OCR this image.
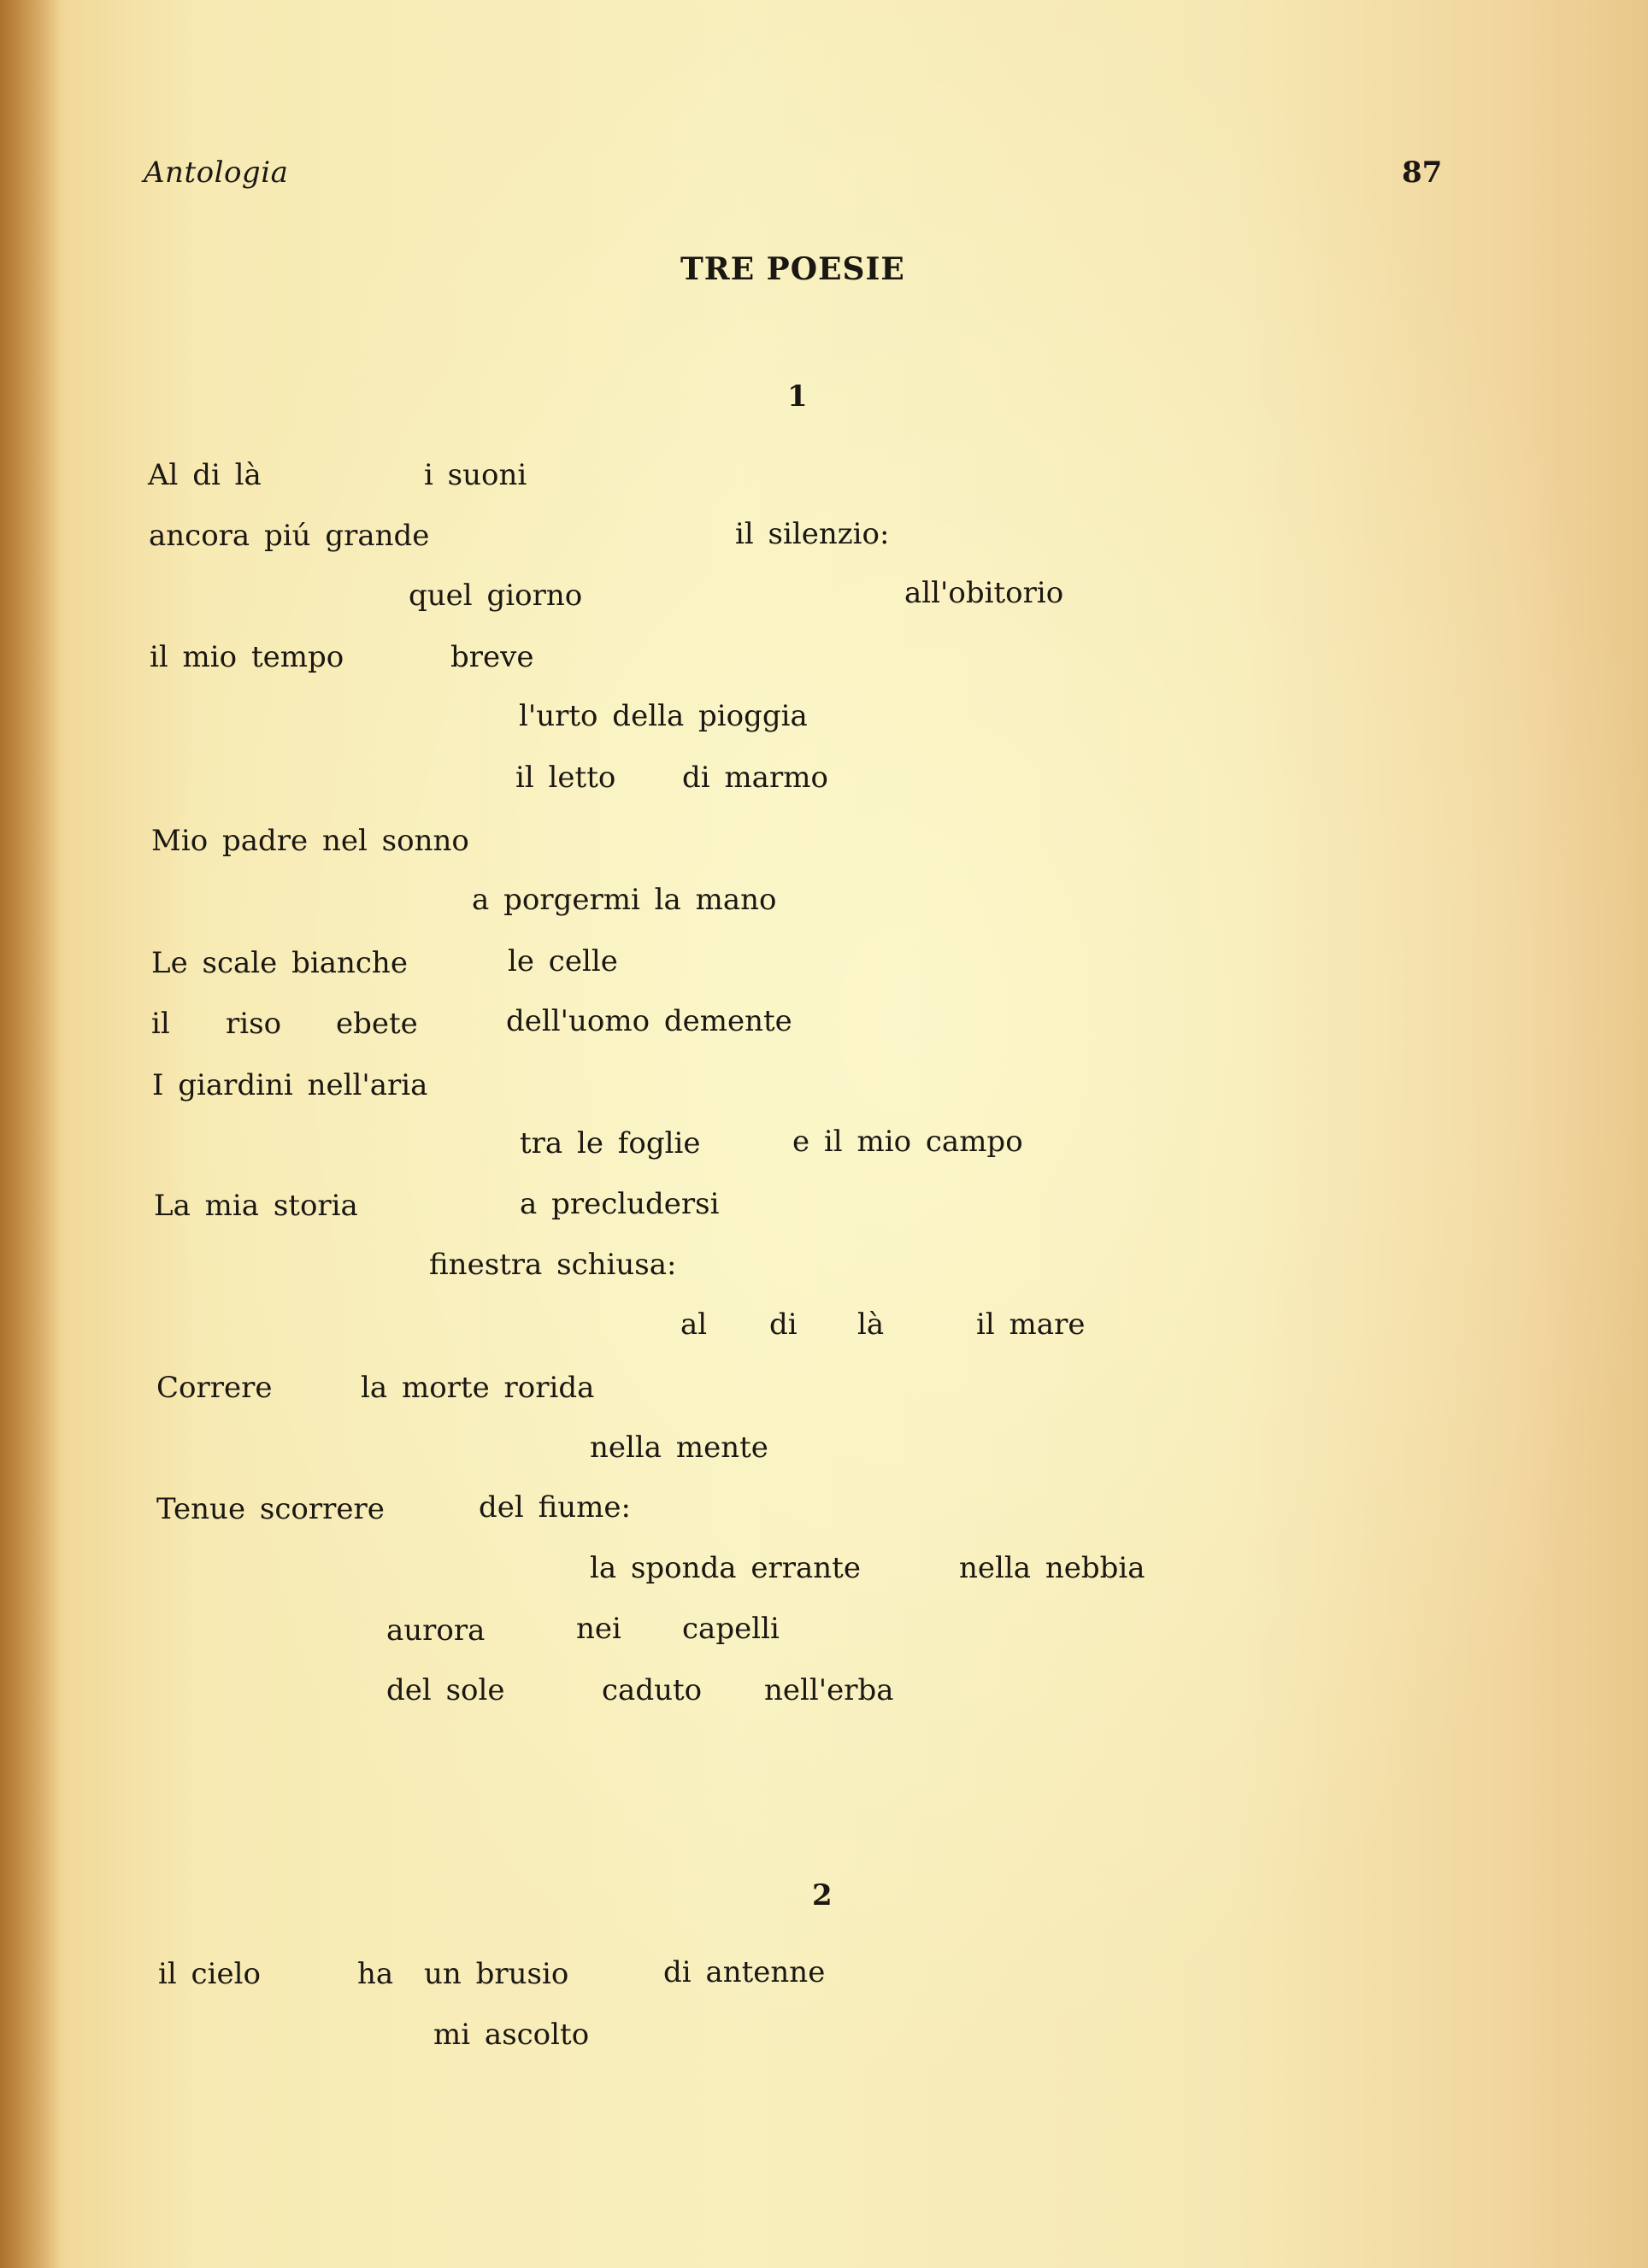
Antologia	87
TRE POESIE
1
Al di là	i suoni
ancora piú grande	il silenzio:
quel giorno	all'obitorio
il mio tempo	breve
l'urto della pioggia
il letto di marmo
Mio padre nel sonno
a porgermi la mano
Le scale bianche	le celle
il riso ebete	dell'uomo demente
I giardini nell'aria
tra le foglie	e il mio campo
La mia storia	a precludersi
finestra schiusa:
al di là	il mare
Correre	la morte rorida
nella mente
Tenue scorrere	del fiume:
la sponda errante	nella nebbia
aurora	nei capelli
del sole	caduto nell'erba
2
il cielo	ha un brusio	di antenne
mi ascolto
